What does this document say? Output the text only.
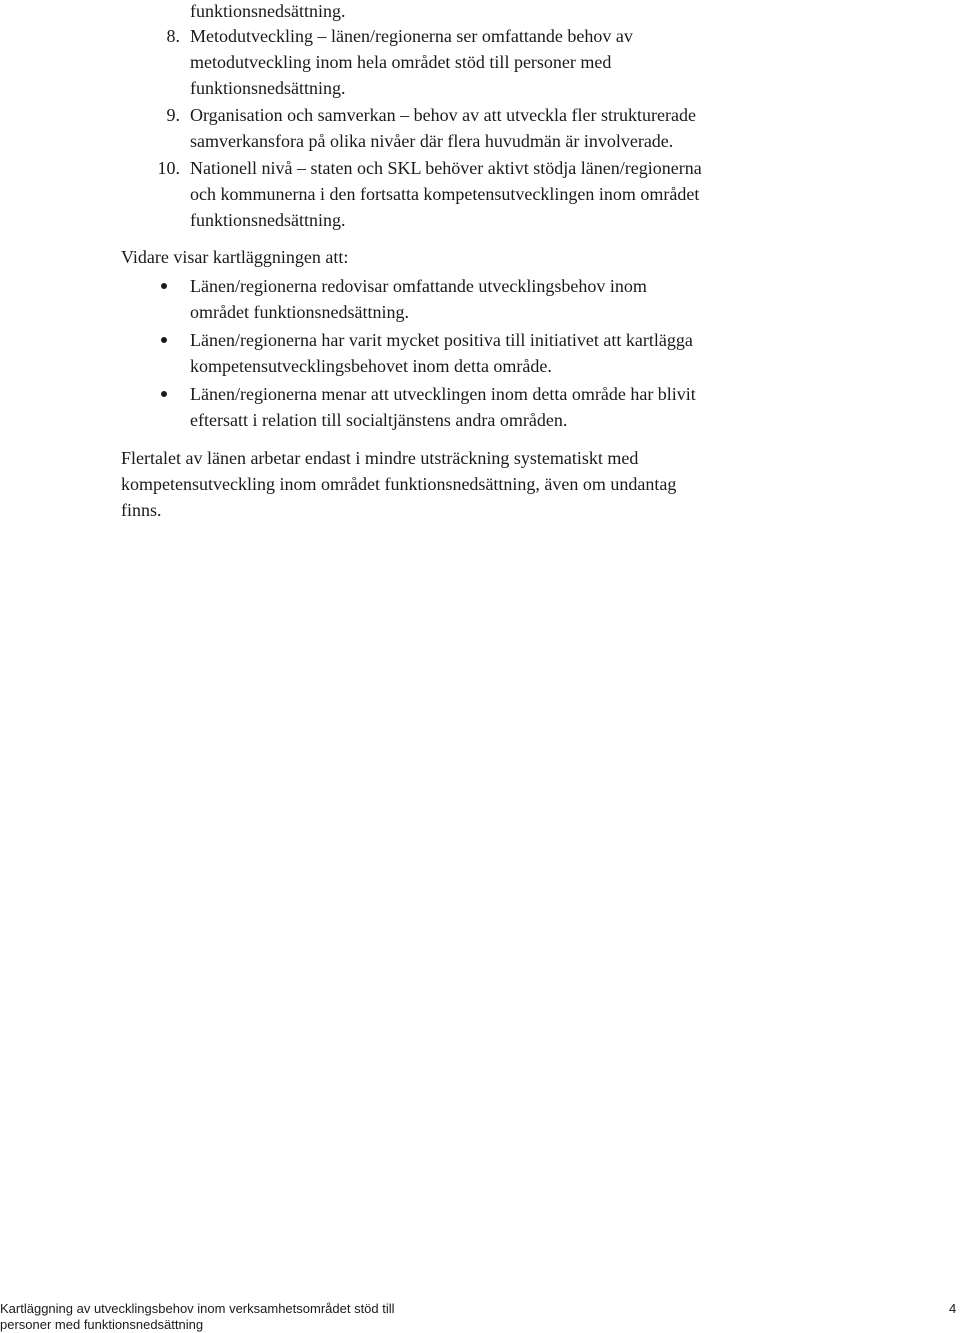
funktionsnedsättning.
8. Metodutveckling – länen/regionerna ser omfattande behov av
metodutveckling inom hela området stöd till personer med
funktionsnedsättning.
9. Organisation och samverkan – behov av att utveckla fler strukturerade
samverkansfora på olika nivåer där flera huvudmän är involverade.
10. Nationell nivå – staten och SKL behöver aktivt stödja länen/regionerna
och kommunerna i den fortsatta kompetensutvecklingen inom området
funktionsnedsättning.
Vidare visar kartläggningen att:
Länen/regionerna redovisar omfattande utvecklingsbehov inom
området funktionsnedsättning.
Länen/regionerna har varit mycket positiva till initiativet att kartlägga
kompetensutvecklingsbehovet inom detta område.
Länen/regionerna menar att utvecklingen inom detta område har blivit
eftersatt i relation till socialtjänstens andra områden.
Flertalet av länen arbetar endast i mindre utsträckning systematiskt med
kompetensutveckling inom området funktionsnedsättning, även om undantag
finns.
Kartläggning av utvecklingsbehov inom verksamhetsområdet stöd till
personer med funktionsnedsättning
4
